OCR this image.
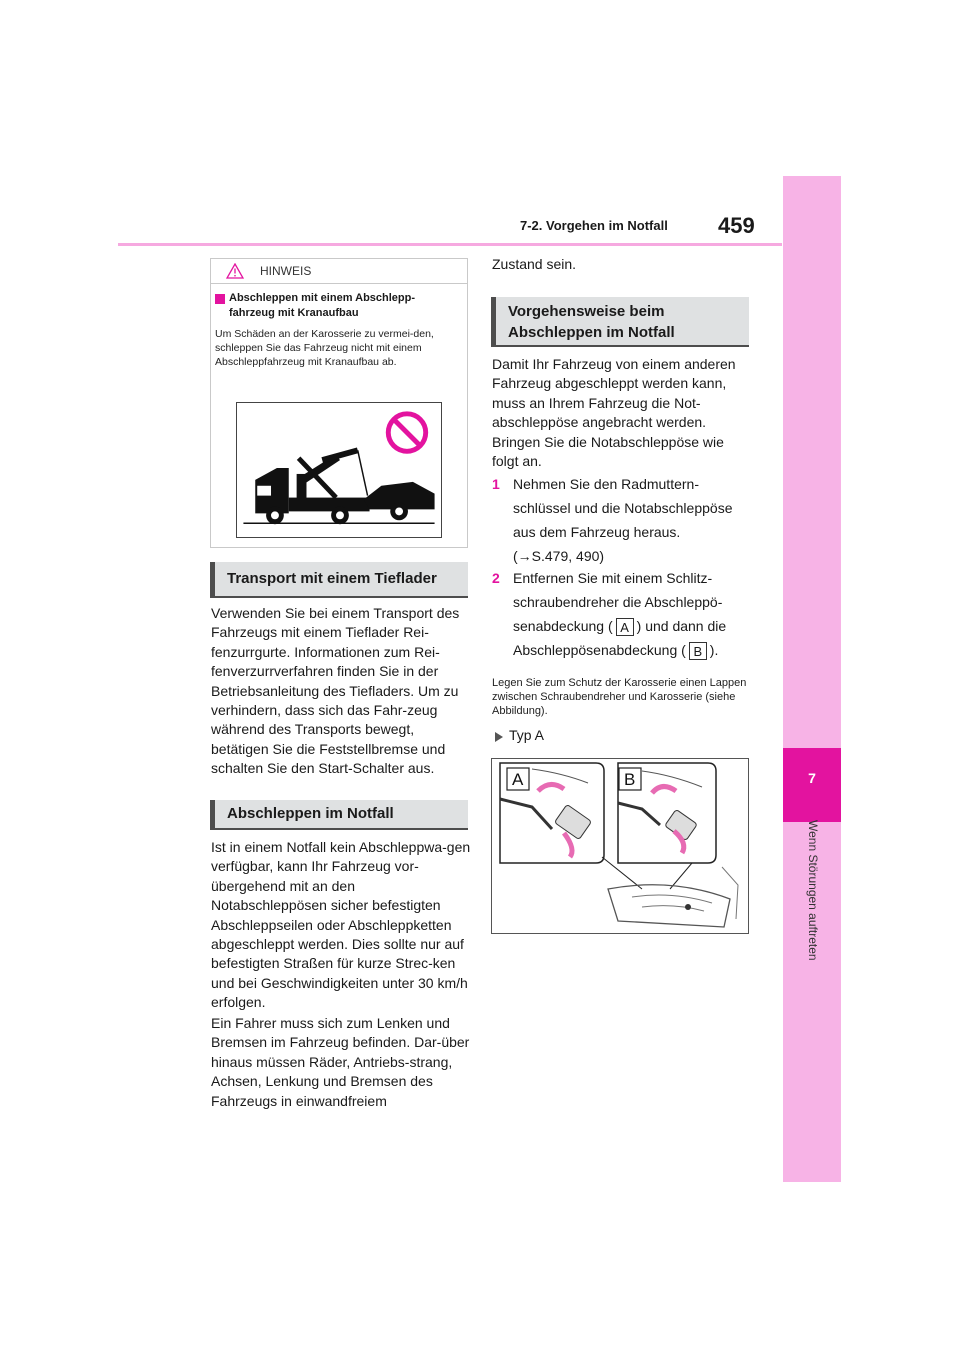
7-2. Vorgehen im Notfall 459
7
Wenn Störungen auftreten
HINWEIS
Abschleppen mit einem Abschlepp-fahrzeug mit Kranaufbau
Um Schäden an der Karosserie zu vermei-den, schleppen Sie das Fahrzeug nicht mit einem Abschleppfahrzeug mit Kranaufbau ab.
Transport mit einem Tieflader
Verwenden Sie bei einem Transport des Fahrzeugs mit einem Tieflader Rei-fenzurrgurte. Informationen zum Rei-fenverzurrverfahren finden Sie in der Betriebsanleitung des Tiefladers. Um zu verhindern, dass sich das Fahr-zeug während des Transports bewegt, betätigen Sie die Feststellbremse und schalten Sie den Start-Schalter aus.
Abschleppen im Notfall
Ist in einem Notfall kein Abschleppwa-gen verfügbar, kann Ihr Fahrzeug vor-übergehend mit an den Notabschleppösen sicher befestigten Abschleppseilen oder Abschleppketten abgeschleppt werden. Dies sollte nur auf befestigten Straßen für kurze Strec-ken und bei Geschwindigkeiten unter 30 km/h erfolgen.
Ein Fahrer muss sich zum Lenken und Bremsen im Fahrzeug befinden. Dar-über hinaus müssen Räder, Antriebs-strang, Achsen, Lenkung und Bremsen des Fahrzeugs in einwandfreiem
Zustand sein.
Vorgehensweise beim Abschleppen im Notfall
Damit Ihr Fahrzeug von einem anderen Fahrzeug abgeschleppt werden kann, muss an Ihrem Fahrzeug die Not-abschleppöse angebracht werden. Bringen Sie die Notabschleppöse wie folgt an.
1 Nehmen Sie den Radmuttern-schlüssel und die Notabschleppöse aus dem Fahrzeug heraus.
(→S.479, 490)
2 Entfernen Sie mit einem Schlitz-schraubendreher die Abschleppö-senabdeckung ( A ) und dann die Abschleppösenabdeckung ( B ).
Legen Sie zum Schutz der Karosserie einen Lappen zwischen Schraubendreher und Karosserie (siehe Abbildung).
Typ A
A	B
